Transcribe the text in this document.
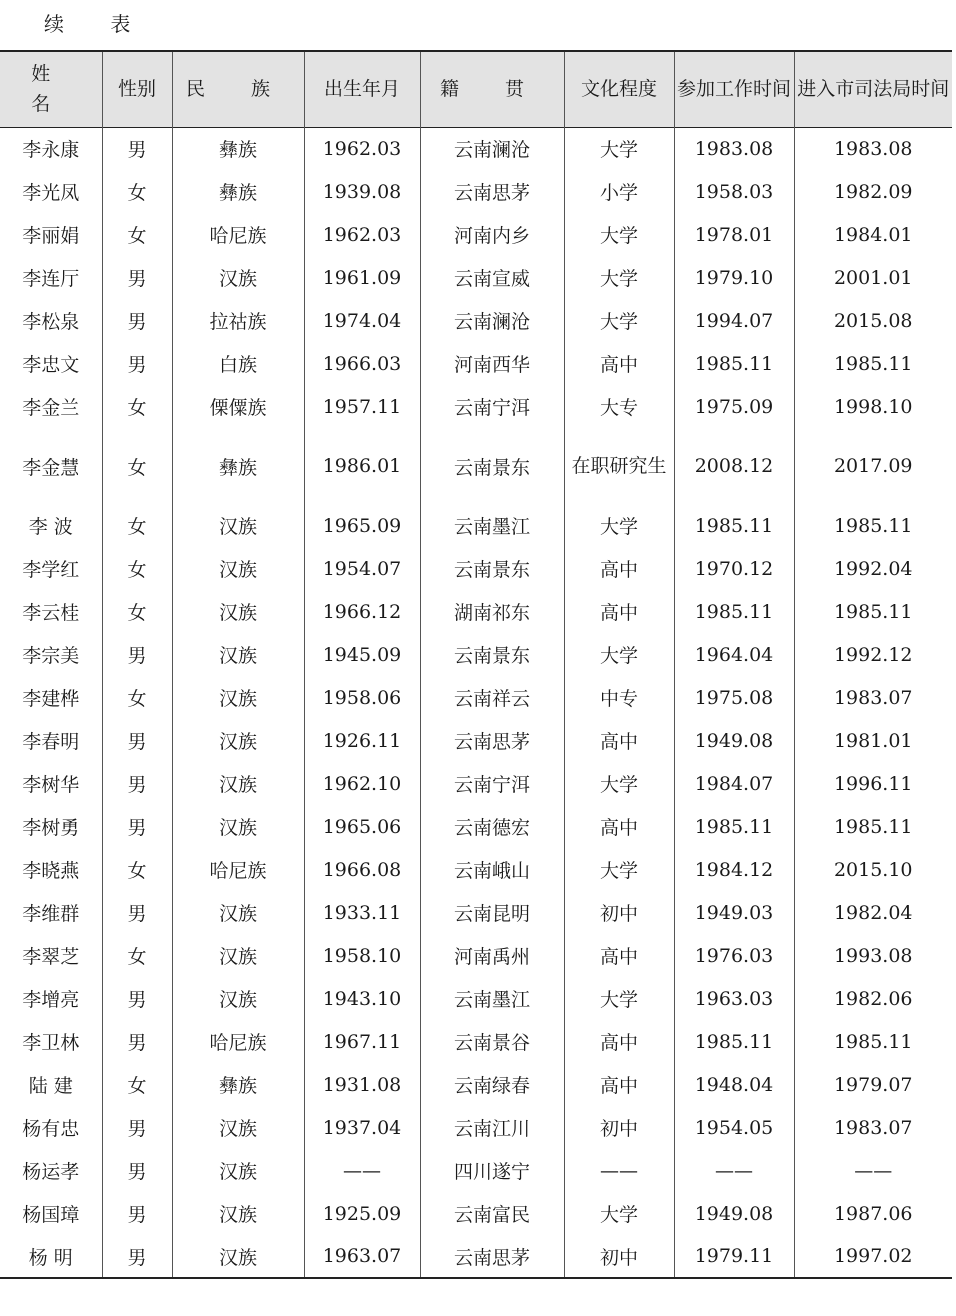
续 表
姓 名	性别	民 族	出生年月	籍 贯	文化程度	参加工作时间	进入市司法局时间
李永康	男	彝族	1962.03	云南澜沧	大学	1983.08	1983.08
李光凤	女	彝族	1939.08	云南思茅	小学	1958.03	1982.09
李丽娟	女	哈尼族	1962.03	河南内乡	大学	1978.01	1984.01
李连厅	男	汉族	1961.09	云南宣威	大学	1979.10	2001.01
李松泉	男	拉祜族	1974.04	云南澜沧	大学	1994.07	2015.08
李忠文	男	白族	1966.03	河南西华	高中	1985.11	1985.11
李金兰	女	傈僳族	1957.11	云南宁洱	大专	1975.09	1998.10
李金慧	女	彝族	1986.01	云南景东	在职研究生	2008.12	2017.09
李 波	女	汉族	1965.09	云南墨江	大学	1985.11	1985.11
李学红	女	汉族	1954.07	云南景东	高中	1970.12	1992.04
李云桂	女	汉族	1966.12	湖南祁东	高中	1985.11	1985.11
李宗美	男	汉族	1945.09	云南景东	大学	1964.04	1992.12
李建桦	女	汉族	1958.06	云南祥云	中专	1975.08	1983.07
李春明	男	汉族	1926.11	云南思茅	高中	1949.08	1981.01
李树华	男	汉族	1962.10	云南宁洱	大学	1984.07	1996.11
李树勇	男	汉族	1965.06	云南德宏	高中	1985.11	1985.11
李晓燕	女	哈尼族	1966.08	云南峨山	大学	1984.12	2015.10
李维群	男	汉族	1933.11	云南昆明	初中	1949.03	1982.04
李翠芝	女	汉族	1958.10	河南禹州	高中	1976.03	1993.08
李增亮	男	汉族	1943.10	云南墨江	大学	1963.03	1982.06
李卫林	男	哈尼族	1967.11	云南景谷	高中	1985.11	1985.11
陆 建	女	彝族	1931.08	云南绿春	高中	1948.04	1979.07
杨有忠	男	汉族	1937.04	云南江川	初中	1954.05	1983.07
杨运孝	男	汉族	——	四川遂宁	——	——	——
杨国璋	男	汉族	1925.09	云南富民	大学	1949.08	1987.06
杨 明	男	汉族	1963.07	云南思茅	初中	1979.11	1997.02
